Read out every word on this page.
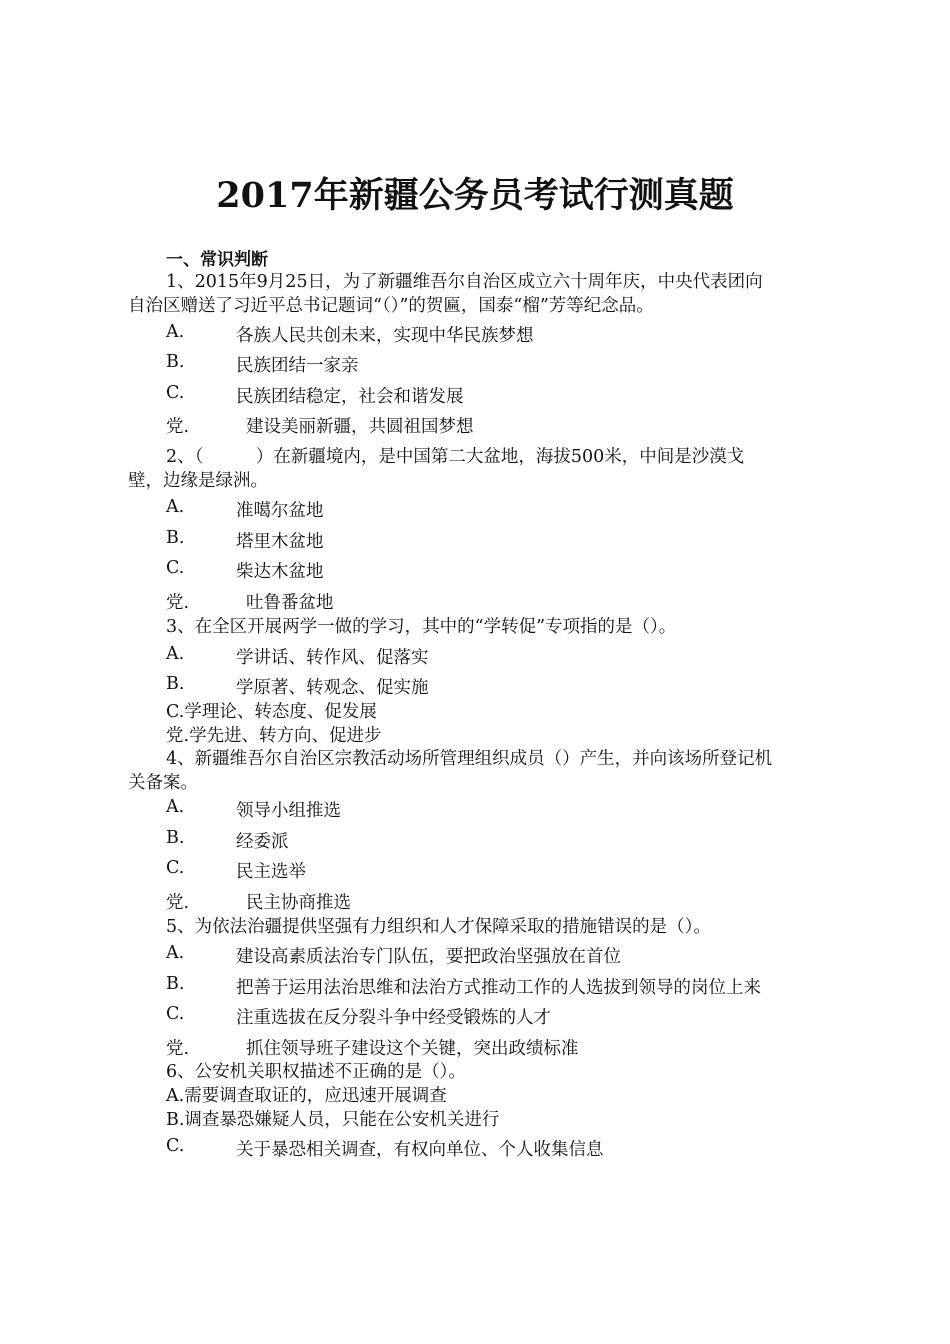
2017年新疆公务员考试行测真题
一、常识判断
1、2015年9月25日，为了新疆维吾尔自治区成立六十周年庆，中央代表团向
自治区赠送了习近平总书记题词“（）”的贺匾，国泰“榴”芳等纪念品。
A.	各族人民共创未来，实现中华民族梦想
B.	民族团结一家亲
C.	民族团结稳定，社会和谐发展
党.	建设美丽新疆，共圆祖国梦想
2、（　　　）在新疆境内，是中国第二大盆地，海拔500米，中间是沙漠戈
壁，边缘是绿洲。
A.	准噶尔盆地
B.	塔里木盆地
C.	柴达木盆地
党.	吐鲁番盆地
3、在全区开展两学一做的学习，其中的“学转促”专项指的是（）。
A.	学讲话、转作风、促落实
B.	学原著、转观念、促实施
C.学理论、转态度、促发展
党.学先进、转方向、促进步
4、新疆维吾尔自治区宗教活动场所管理组织成员（）产生，并向该场所登记机
关备案。
A.	领导小组推选
B.	经委派
C.	民主选举
党.	民主协商推选
5、为依法治疆提供坚强有力组织和人才保障采取的措施错误的是（）。
A.	建设高素质法治专门队伍，要把政治坚强放在首位
B.	把善于运用法治思维和法治方式推动工作的人选拔到领导的岗位上来
C.	注重选拔在反分裂斗争中经受锻炼的人才
党.	抓住领导班子建设这个关键，突出政绩标准
6、公安机关职权描述不正确的是（）。
A.需要调查取证的，应迅速开展调查
B.调查暴恐嫌疑人员，只能在公安机关进行
C.	关于暴恐相关调查，有权向单位、个人收集信息
